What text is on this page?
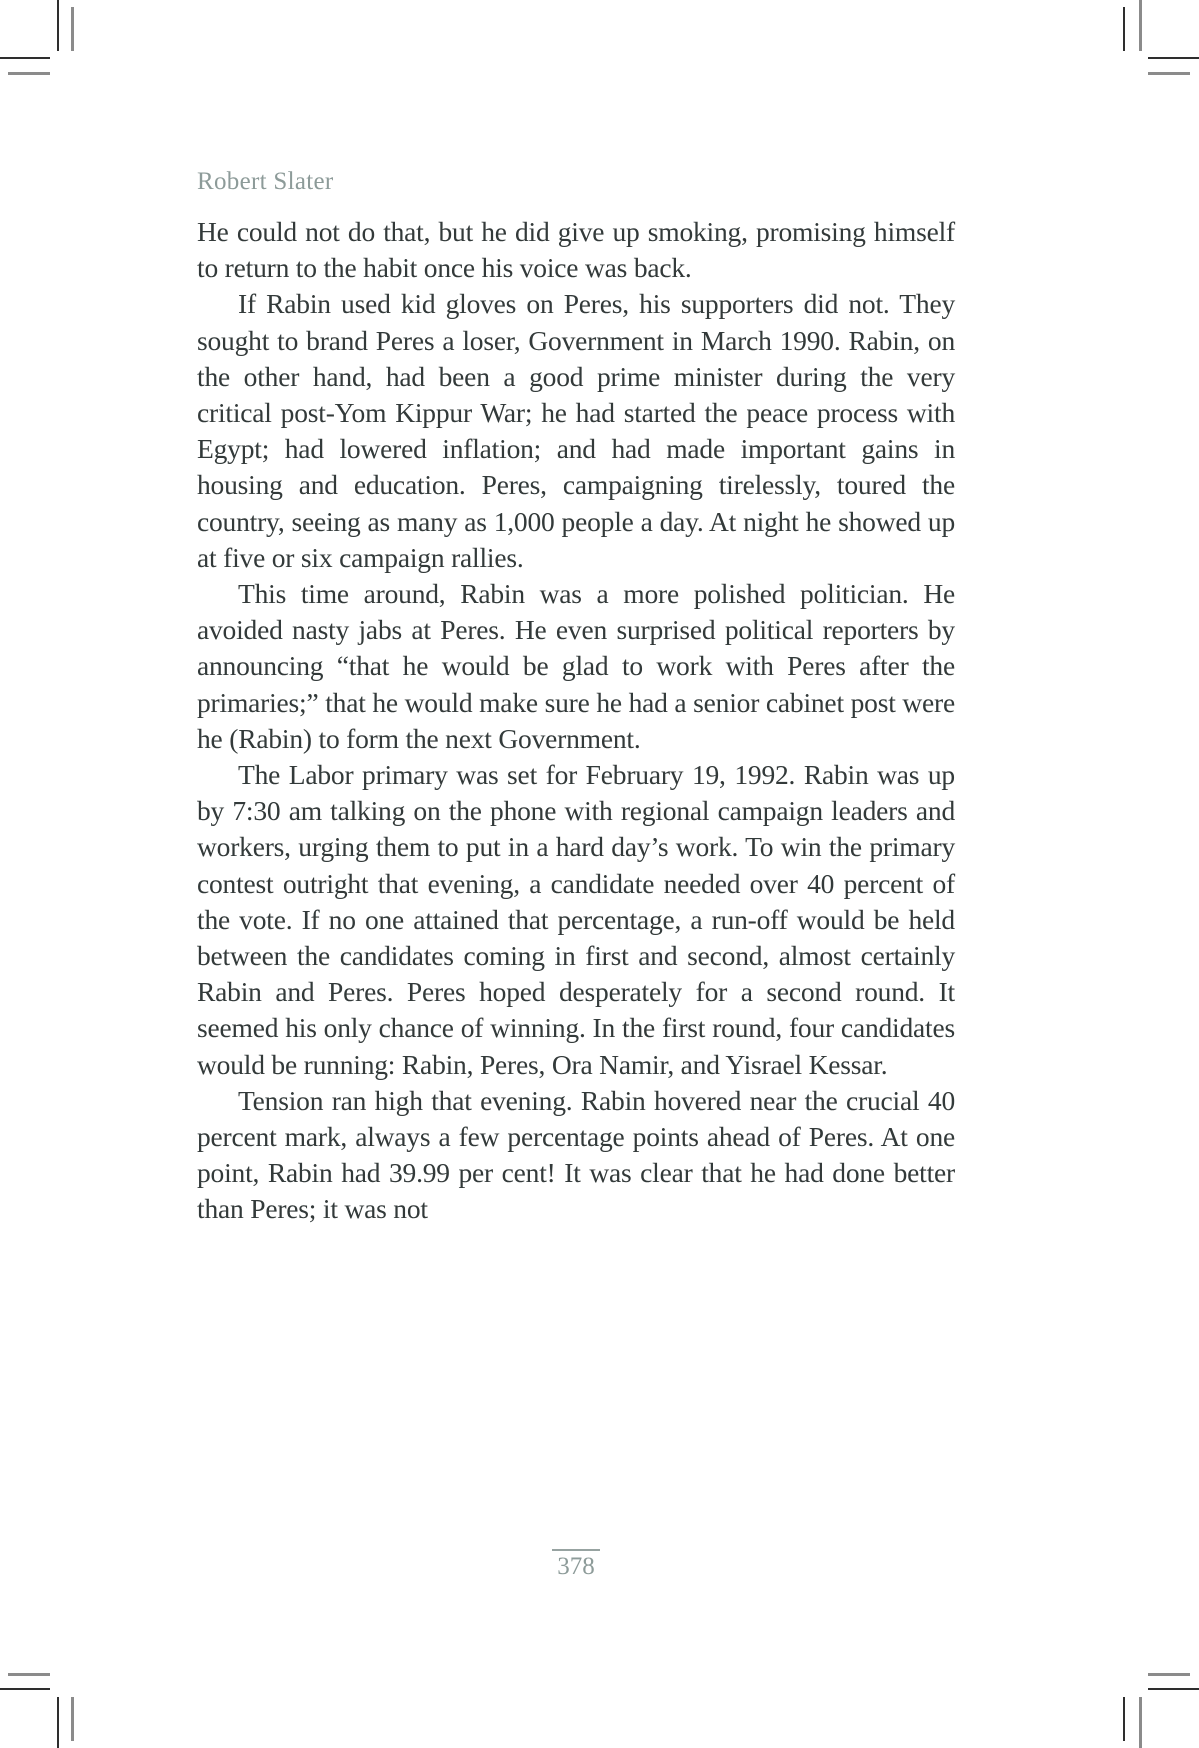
Robert Slater

He could not do that, but he did give up smoking, promising himself to return to the habit once his voice was back.

If Rabin used kid gloves on Peres, his supporters did not. They sought to brand Peres a loser, Government in March 1990. Rabin, on the other hand, had been a good prime minister during the very critical post-Yom Kippur War; he had started the peace process with Egypt; had lowered inflation; and had made important gains in housing and education. Peres, campaigning tirelessly, toured the country, seeing as many as 1,000 people a day. At night he showed up at five or six campaign rallies.

This time around, Rabin was a more polished politician. He avoided nasty jabs at Peres. He even surprised political reporters by announcing “that he would be glad to work with Peres after the primaries;” that he would make sure he had a senior cabinet post were he (Rabin) to form the next Government.

The Labor primary was set for February 19, 1992. Rabin was up by 7:30 am talking on the phone with regional campaign leaders and workers, urging them to put in a hard day’s work. To win the primary contest outright that evening, a candidate needed over 40 percent of the vote. If no one attained that percentage, a run-off would be held between the candidates coming in first and second, almost certainly Rabin and Peres. Peres hoped desperately for a second round. It seemed his only chance of winning. In the first round, four candidates would be running: Rabin, Peres, Ora Namir, and Yisrael Kessar.

Tension ran high that evening. Rabin hovered near the crucial 40 percent mark, always a few percentage points ahead of Peres. At one point, Rabin had 39.99 per cent! It was clear that he had done better than Peres; it was not

378
